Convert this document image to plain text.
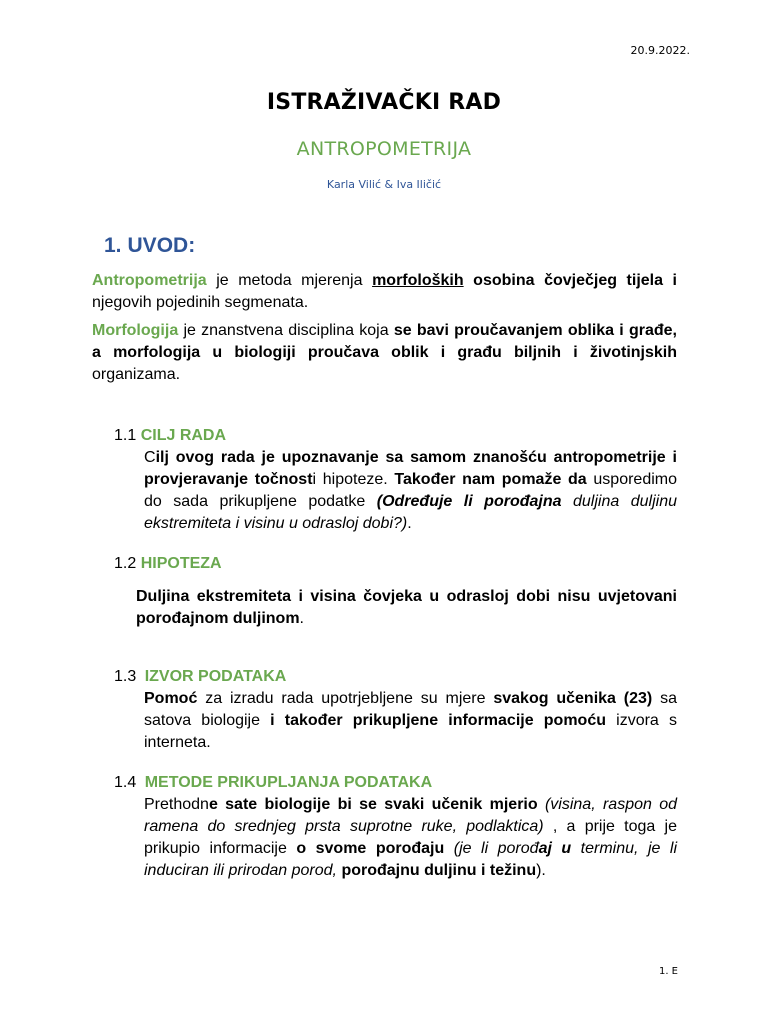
20.9.2022.
ISTRAŽIVAČKI RAD
ANTROPOMETRIJA
Karla Vilić & Iva Iličić
1. UVOD:
Antropometrija je metoda mjerenja morfoloških osobina čovječjeg tijela i njegovih pojedinih segmenata.
Morfologija je znanstvena disciplina koja se bavi proučavanjem oblika i građe, a morfologija u biologiji proučava oblik i građu biljnih i životinjskih organizama.
1.1 CILJ RADA
Cilj ovog rada je upoznavanje sa samom znanošću antropometrije i provjeravanje točnosti hipoteze. Također nam pomaže da usporedimo do sada prikupljene podatke (Određuje li porođajna duljina duljinu ekstremiteta i visinu u odrasloj dobi?).
1.2 HIPOTEZA
Duljina ekstremiteta i visina čovjeka u odrasloj dobi nisu uvjetovani porođajnom duljinom.
1.3 IZVOR PODATAKA
Pomoć za izradu rada upotrjebljene su mjere svakog učenika (23) sa satova biologije i također prikupljene informacije pomoću izvora s interneta.
1.4 METODE PRIKUPLJANJA PODATAKA
Prethodne sate biologije bi se svaki učenik mjerio (visina, raspon od ramena do srednjeg prsta suprotne ruke, podlaktica) , a prije toga je prikupio informacije o svome porođaju (je li porođaj u terminu, je li induciran ili prirodan porod, porođajnu duljinu i težinu).
1. E
